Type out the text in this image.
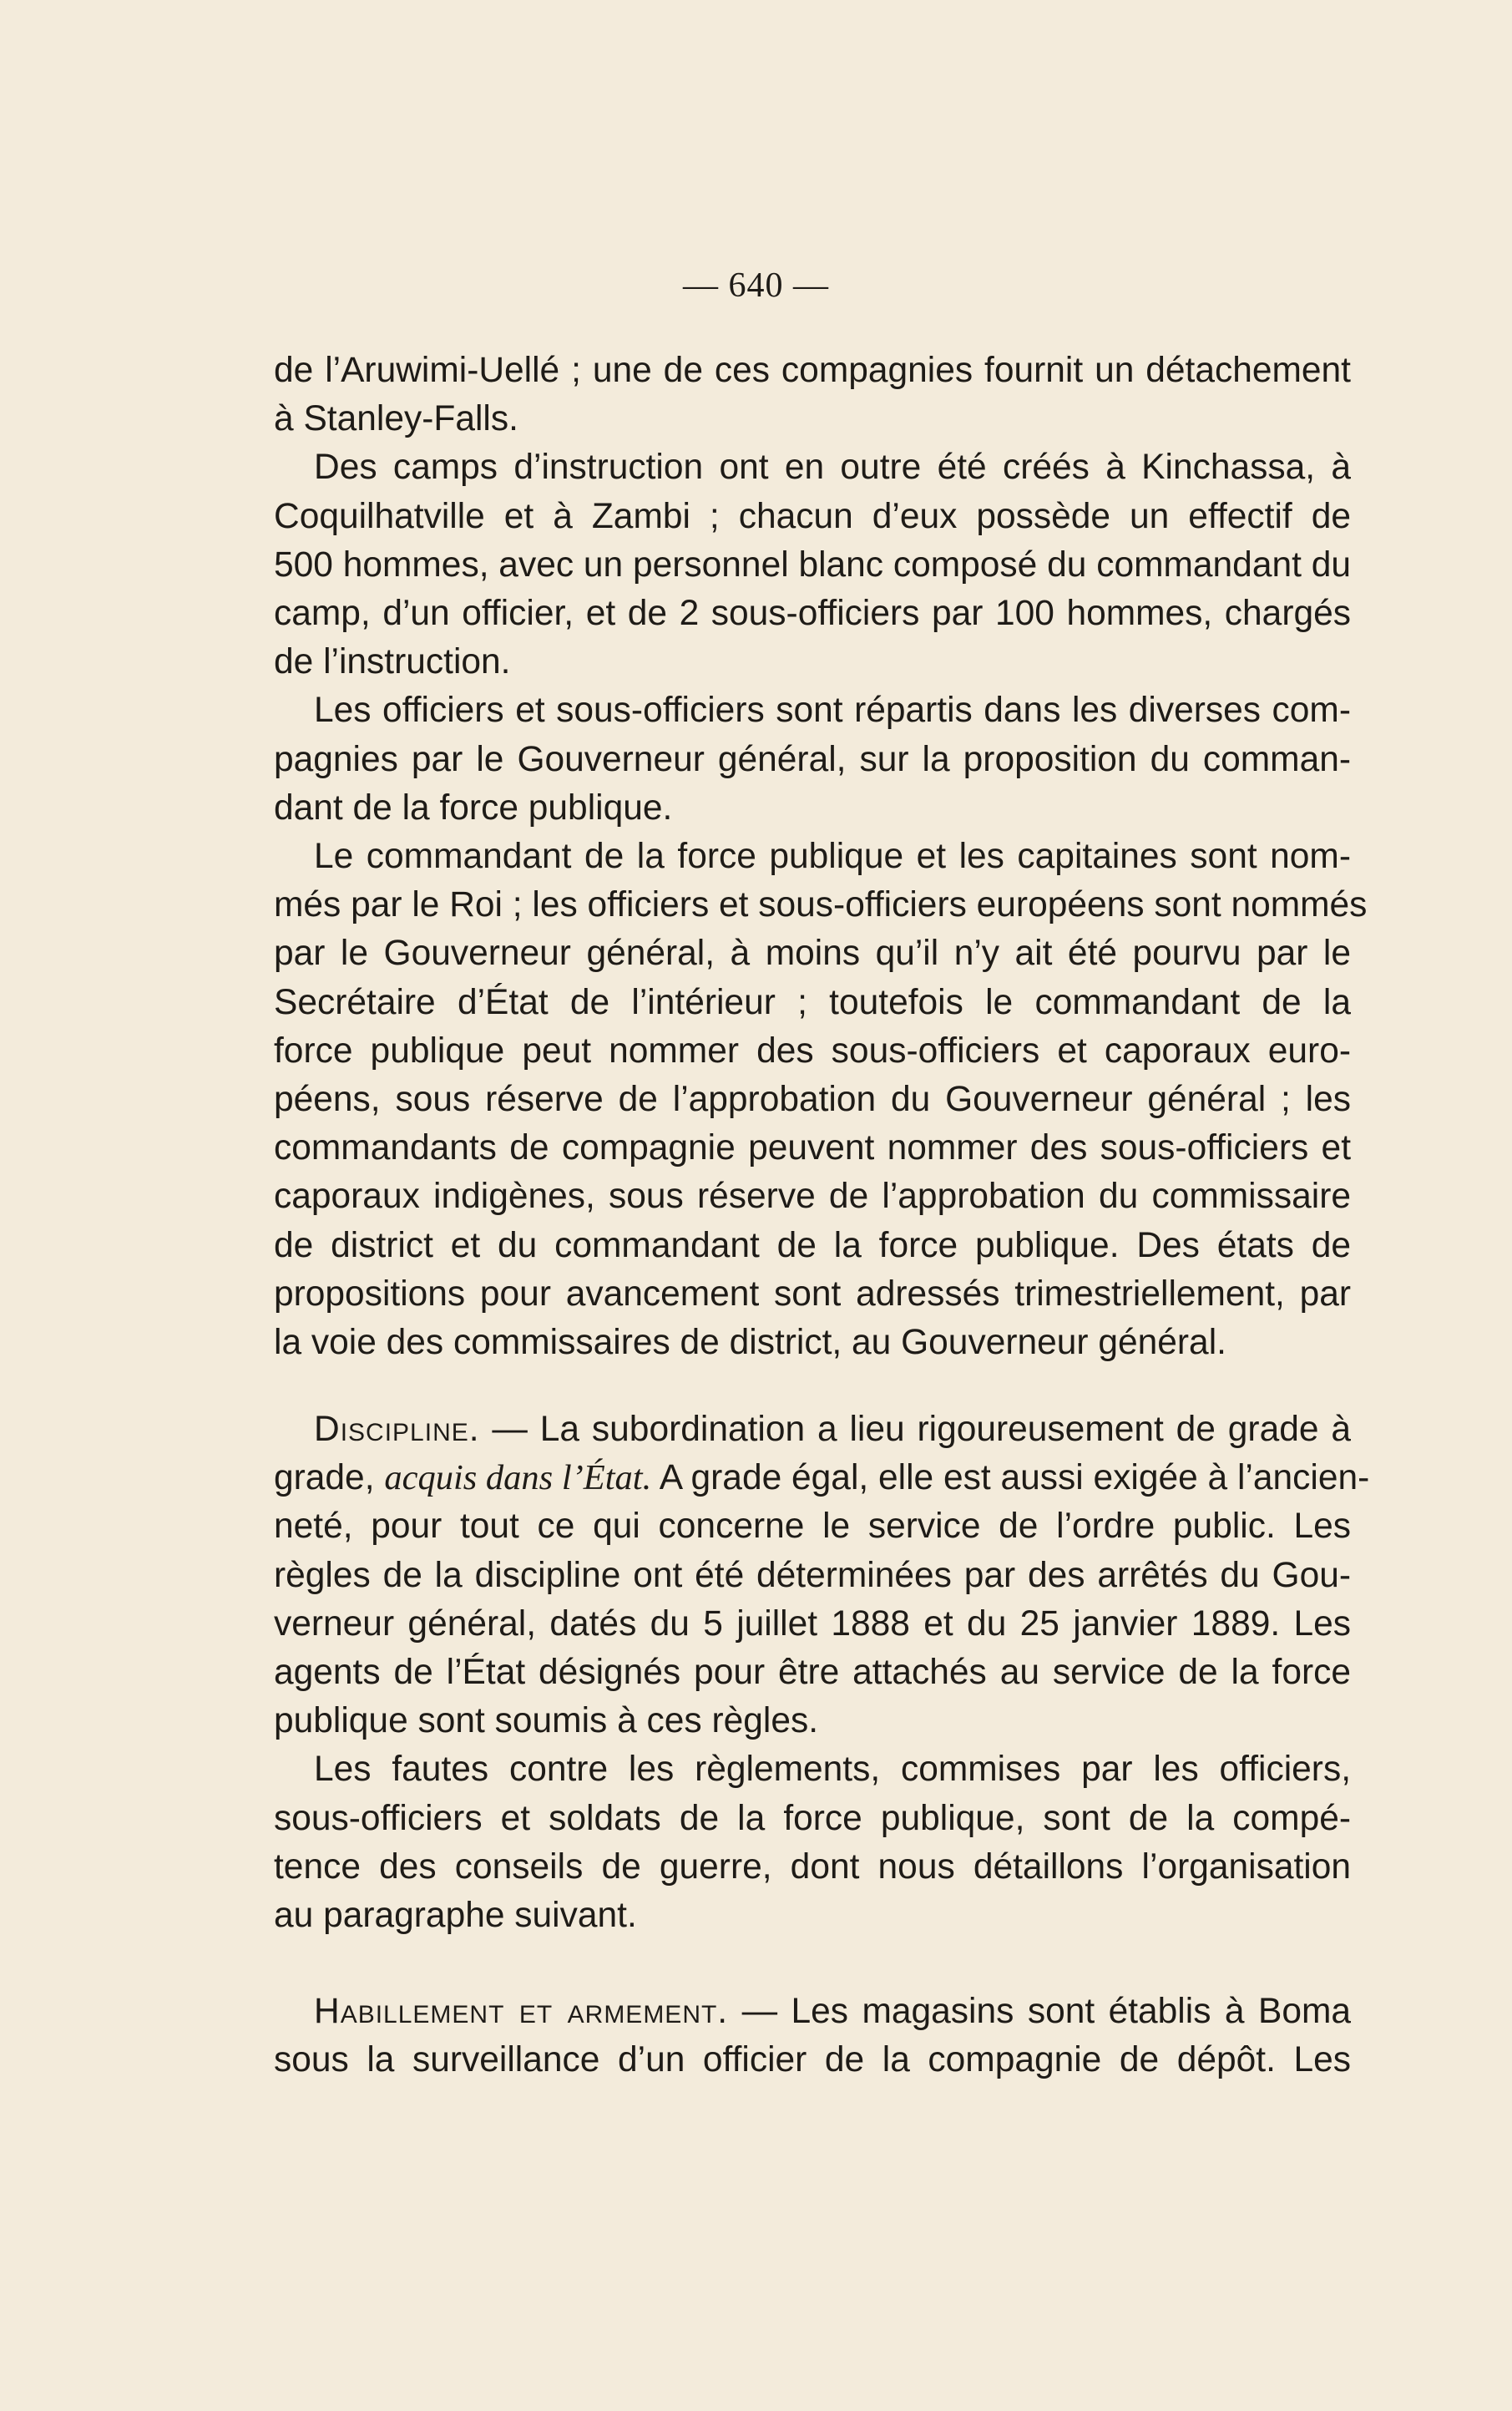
— 640 —

de l’Aruwimi-Uellé ; une de ces compagnies fournit un détachement
à Stanley-Falls.

Des camps d’instruction ont en outre été créés à Kinchassa, à
Coquilhatville et à Zambi ; chacun d’eux possède un effectif de
500 hommes, avec un personnel blanc composé du commandant du
camp, d’un officier, et de 2 sous-officiers par 100 hommes, chargés
de l’instruction.

Les officiers et sous-officiers sont répartis dans les diverses com-
pagnies par le Gouverneur général, sur la proposition du comman-
dant de la force publique.

Le commandant de la force publique et les capitaines sont nom-
més par le Roi ; les officiers et sous-officiers européens sont nommés
par le Gouverneur général, à moins qu’il n’y ait été pourvu par le
Secrétaire d’État de l’intérieur ; toutefois le commandant de la
force publique peut nommer des sous-officiers et caporaux euro-
péens, sous réserve de l’approbation du Gouverneur général ; les
commandants de compagnie peuvent nommer des sous-officiers et
caporaux indigènes, sous réserve de l’approbation du commissaire
de district et du commandant de la force publique. Des états de
propositions pour avancement sont adressés trimestriellement, par
la voie des commissaires de district, au Gouverneur général.

Discipline. — La subordination a lieu rigoureusement de grade à
grade, acquis dans l’État. A grade égal, elle est aussi exigée à l’ancien-
neté, pour tout ce qui concerne le service de l’ordre public. Les
règles de la discipline ont été déterminées par des arrêtés du Gou-
verneur général, datés du 5 juillet 1888 et du 25 janvier 1889. Les
agents de l’État désignés pour être attachés au service de la force
publique sont soumis à ces règles.

Les fautes contre les règlements, commises par les officiers,
sous-officiers et soldats de la force publique, sont de la compé-
tence des conseils de guerre, dont nous détaillons l’organisation
au paragraphe suivant.

Habillement et armement. — Les magasins sont établis à Boma
sous la surveillance d’un officier de la compagnie de dépôt. Les
